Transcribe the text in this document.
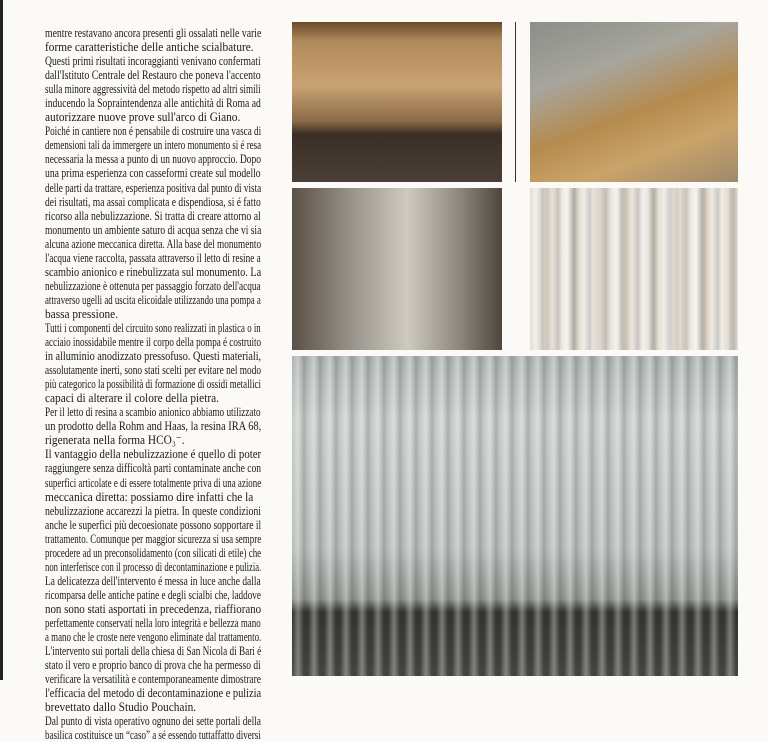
mentre restavano ancora presenti gli ossalati nelle varie
forme caratteristiche delle antiche scialbature.
Questi primi risultati incoraggianti venivano confermati
dall'Istituto Centrale del Restauro che poneva l'accento
sulla minore aggressività del metodo rispetto ad altri simili
inducendo la Sopraintendenza alle antichità di Roma ad
autorizzare nuove prove sull'arco di Giano.
Poiché in cantiere non é pensabile di costruire una vasca di
demensioni tali da immergere un intero monumento si é resa
necessaria la messa a punto di un nuovo approccio. Dopo
una prima esperienza con casseformi create sul modello
delle parti da trattare, esperienza positiva dal punto di vista
dei risultati, ma assai complicata e dispendiosa, si é fatto
ricorso alla nebulizzazione. Si tratta di creare attorno al
monumento un ambiente saturo di acqua senza che vi sia
alcuna azione meccanica diretta. Alla base del monumento
l'acqua viene raccolta, passata attraverso il letto di resine a
scambio anionico e rinebulizzata sul monumento. La
nebulizzazione è ottenuta per passaggio forzato dell'acqua
attraverso ugelli ad uscita elicoidale utilizzando una pompa a
bassa pressione.
Tutti i componenti del circuito sono realizzati in plastica o in
acciaio inossidabile mentre il corpo della pompa é costruito
in alluminio anodizzato pressofuso. Questi materiali,
assolutamente inerti, sono stati scelti per evitare nel modo
più categorico la possibilità di formazione di ossidi metallici
capaci di alterare il colore della pietra.
Per il letto di resina a scambio anionico abbiamo utilizzato
un prodotto della Rohm and Haas, la resina IRA 68,
rigenerata nella forma HCO₃⁻.
Il vantaggio della nebulizzazione é quello di poter
raggiungere senza difficoltà parti contaminate anche con
superfici articolate e di essere totalmente priva di una azione
meccanica diretta: possiamo dire infatti che la
nebulizzazione accarezzi la pietra. In queste condizioni
anche le superfici più decoesionate possono sopportare il
trattamento. Comunque per maggior sicurezza si usa sempre
procedere ad un preconsolidamento (con silicati di etile) che
non interferisce con il processo di decontaminazione e pulizia.
La delicatezza dell'intervento é messa in luce anche dalla
ricomparsa delle antiche patine e degli scialbi che, laddove
non sono stati asportati in precedenza, riaffiorano
perfettamente conservati nella loro integrità e bellezza mano
a mano che le croste nere vengono eliminate dal trattamento.
L'intervento sui portali della chiesa di San Nicola di Bari é
stato il vero e proprio banco di prova che ha permesso di
verificare la versatilità e contemporaneamente dimostrare
l'efficacia del metodo di decontaminazione e pulizia
brevettato dallo Studio Pouchain.
Dal punto di vista operativo ognuno dei sette portali della
basilica costituisce un “caso” a sé essendo tuttaffatto diversi
